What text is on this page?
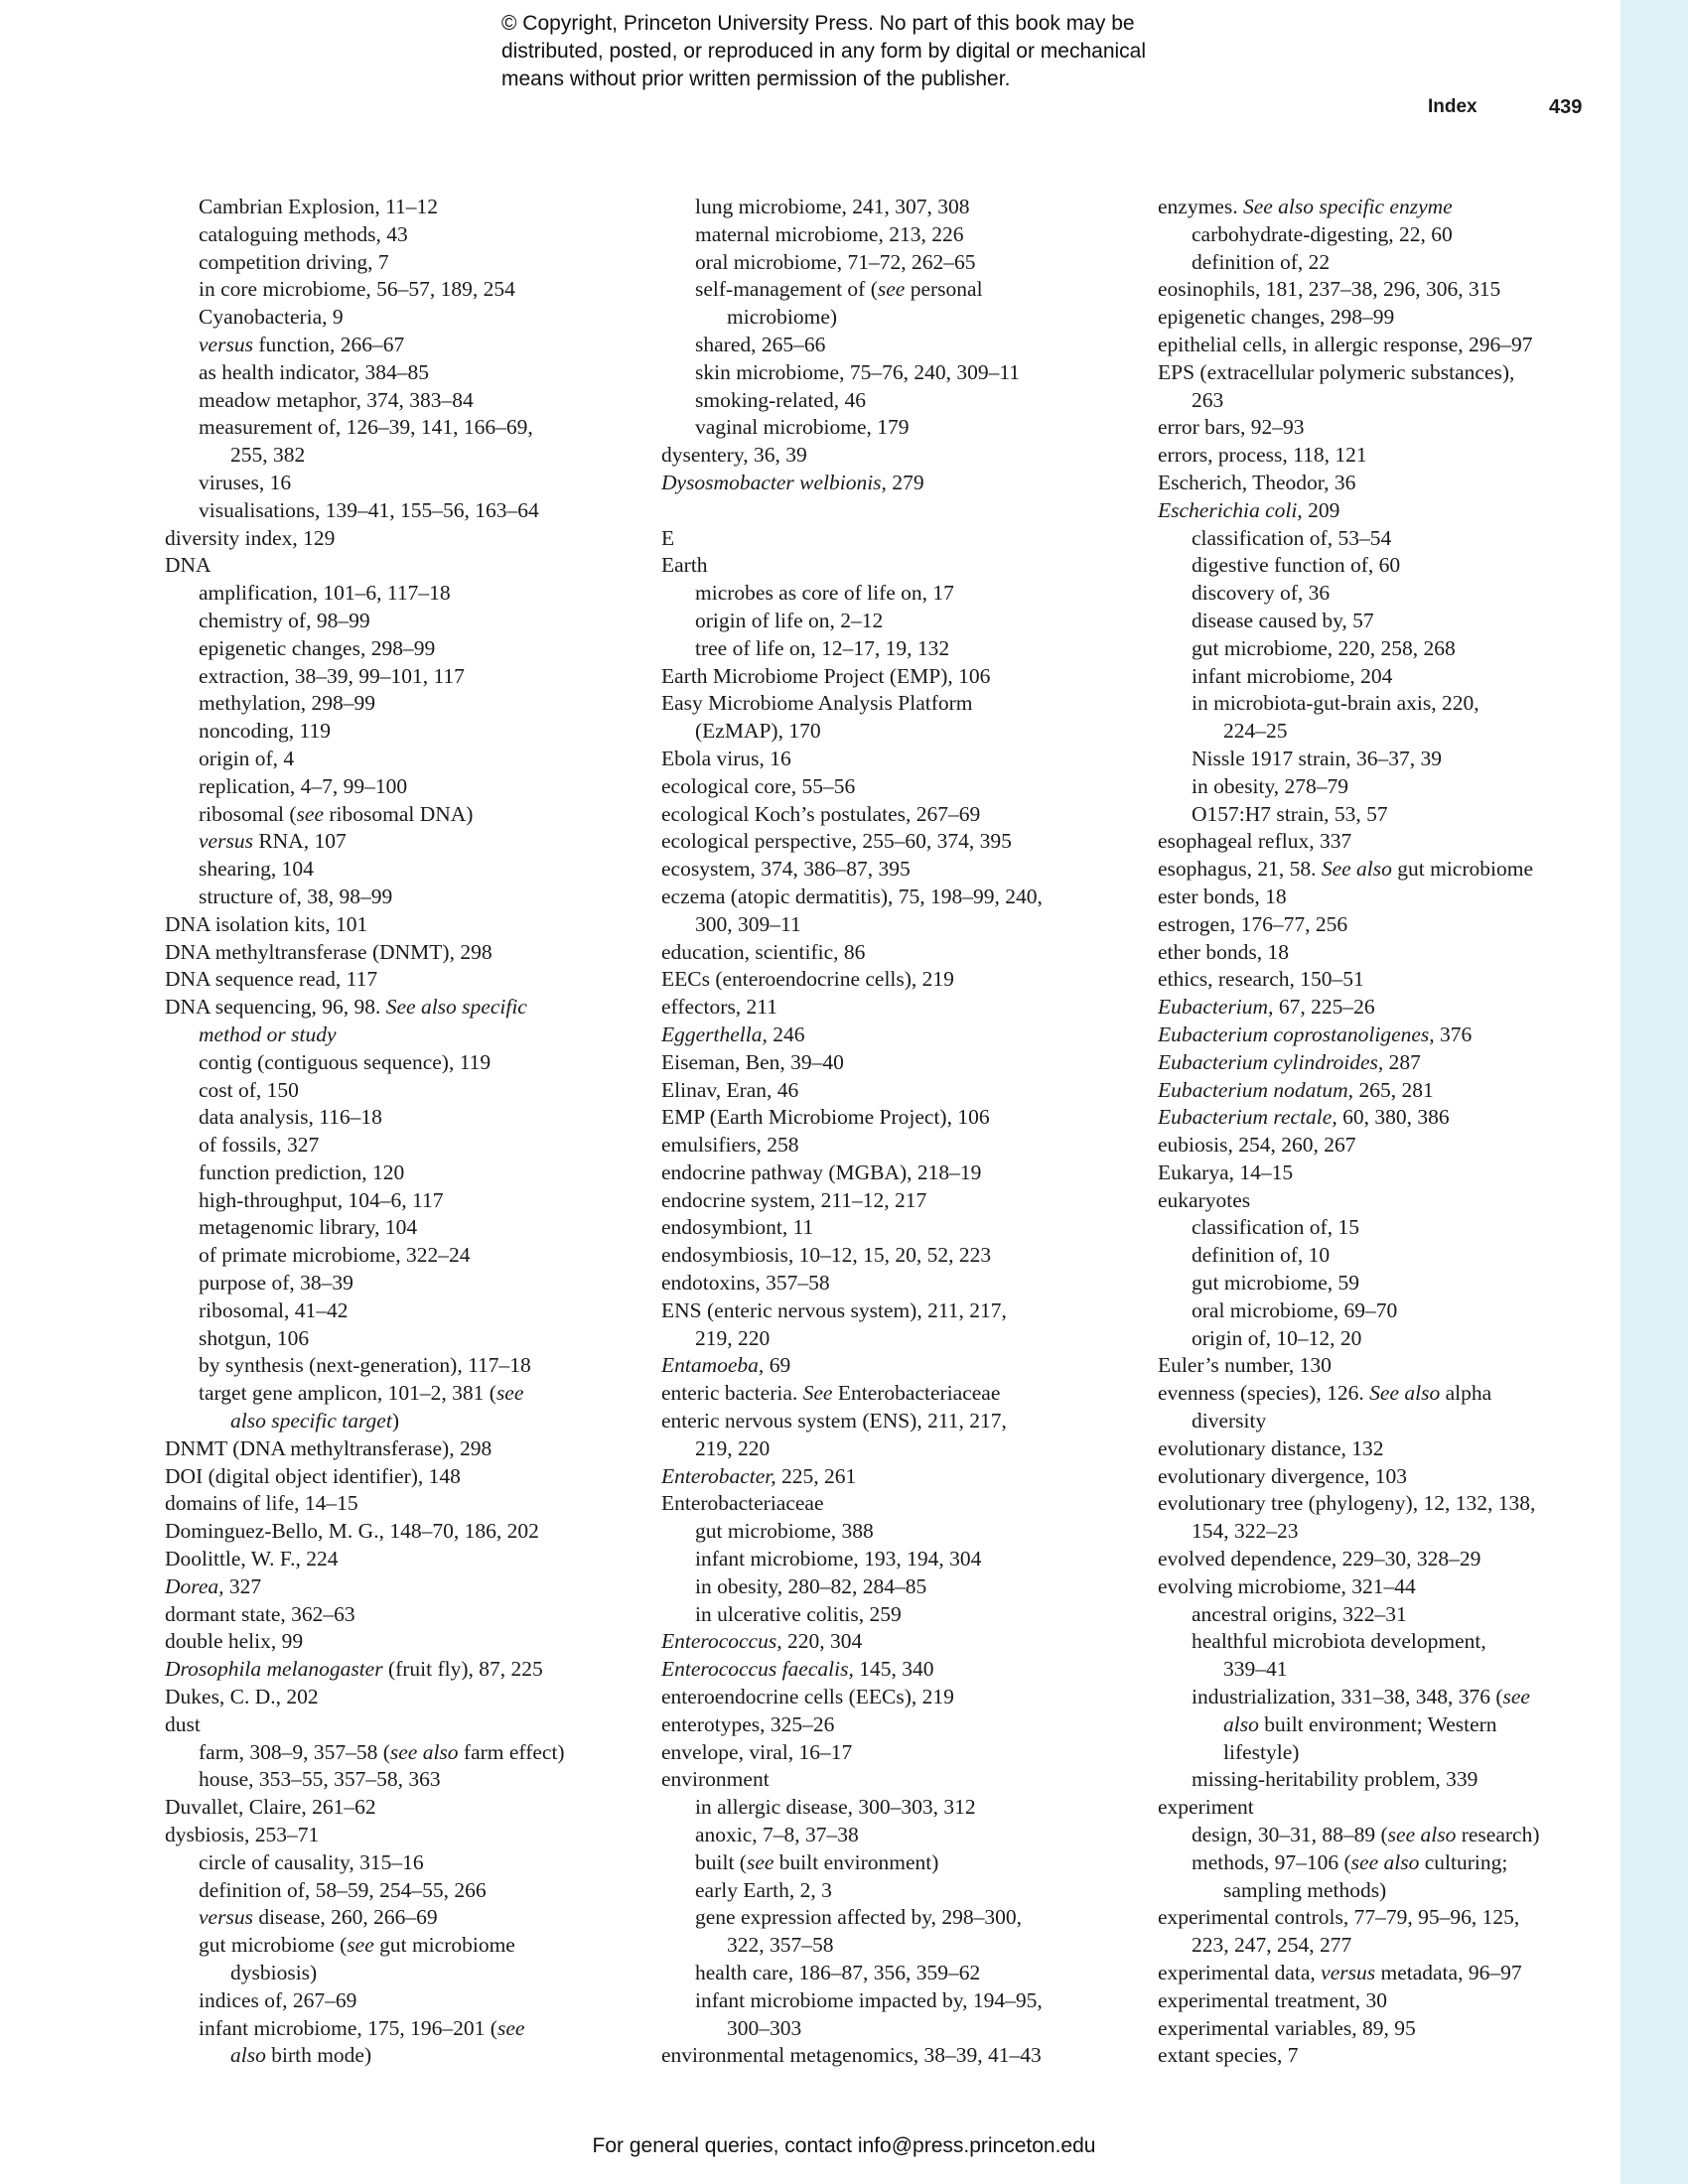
© Copyright, Princeton University Press. No part of this book may be
distributed, posted, or reproduced in any form by digital or mechanical
means without prior written permission of the publisher.
Index	439
Cambrian Explosion, 11–12
cataloguing methods, 43
competition driving, 7
in core microbiome, 56–57, 189, 254
Cyanobacteria, 9
versus function, 266–67
as health indicator, 384–85
meadow metaphor, 374, 383–84
measurement of, 126–39, 141, 166–69,
255, 382
viruses, 16
visualisations, 139–41, 155–56, 163–64
diversity index, 129
DNA
amplification, 101–6, 117–18
chemistry of, 98–99
epigenetic changes, 298–99
extraction, 38–39, 99–101, 117
methylation, 298–99
noncoding, 119
origin of, 4
replication, 4–7, 99–100
ribosomal (see ribosomal DNA)
versus RNA, 107
shearing, 104
structure of, 38, 98–99
DNA isolation kits, 101
DNA methyltransferase (DNMT), 298
DNA sequence read, 117
DNA sequencing, 96, 98. See also specific
method or study
contig (contiguous sequence), 119
cost of, 150
data analysis, 116–18
of fossils, 327
function prediction, 120
high-throughput, 104–6, 117
metagenomic library, 104
of primate microbiome, 322–24
purpose of, 38–39
ribosomal, 41–42
shotgun, 106
by synthesis (next-generation), 117–18
target gene amplicon, 101–2, 381 (see
also specific target)
DNMT (DNA methyltransferase), 298
DOI (digital object identifier), 148
domains of life, 14–15
Dominguez-Bello, M. G., 148–70, 186, 202
Doolittle, W. F., 224
Dorea, 327
dormant state, 362–63
double helix, 99
Drosophila melanogaster (fruit fly), 87, 225
Dukes, C. D., 202
dust
farm, 308–9, 357–58 (see also farm effect)
house, 353–55, 357–58, 363
Duvallet, Claire, 261–62
dysbiosis, 253–71
circle of causality, 315–16
definition of, 58–59, 254–55, 266
versus disease, 260, 266–69
gut microbiome (see gut microbiome
dysbiosis)
indices of, 267–69
infant microbiome, 175, 196–201 (see
also birth mode)
lung microbiome, 241, 307, 308
maternal microbiome, 213, 226
oral microbiome, 71–72, 262–65
self-management of (see personal
microbiome)
shared, 265–66
skin microbiome, 75–76, 240, 309–11
smoking-related, 46
vaginal microbiome, 179
dysentery, 36, 39
Dysosmobacter welbionis, 279
E
Earth
microbes as core of life on, 17
origin of life on, 2–12
tree of life on, 12–17, 19, 132
Earth Microbiome Project (EMP), 106
Easy Microbiome Analysis Platform
(EzMAP), 170
Ebola virus, 16
ecological core, 55–56
ecological Koch’s postulates, 267–69
ecological perspective, 255–60, 374, 395
ecosystem, 374, 386–87, 395
eczema (atopic dermatitis), 75, 198–99, 240,
300, 309–11
education, scientific, 86
EECs (enteroendocrine cells), 219
effectors, 211
Eggerthella, 246
Eiseman, Ben, 39–40
Elinav, Eran, 46
EMP (Earth Microbiome Project), 106
emulsifiers, 258
endocrine pathway (MGBA), 218–19
endocrine system, 211–12, 217
endosymbiont, 11
endosymbiosis, 10–12, 15, 20, 52, 223
endotoxins, 357–58
ENS (enteric nervous system), 211, 217,
219, 220
Entamoeba, 69
enteric bacteria. See Enterobacteriaceae
enteric nervous system (ENS), 211, 217,
219, 220
Enterobacter, 225, 261
Enterobacteriaceae
gut microbiome, 388
infant microbiome, 193, 194, 304
in obesity, 280–82, 284–85
in ulcerative colitis, 259
Enterococcus, 220, 304
Enterococcus faecalis, 145, 340
enteroendocrine cells (EECs), 219
enterotypes, 325–26
envelope, viral, 16–17
environment
in allergic disease, 300–303, 312
anoxic, 7–8, 37–38
built (see built environment)
early Earth, 2, 3
gene expression affected by, 298–300,
322, 357–58
health care, 186–87, 356, 359–62
infant microbiome impacted by, 194–95,
300–303
environmental metagenomics, 38–39, 41–43
enzymes. See also specific enzyme
carbohydrate-digesting, 22, 60
definition of, 22
eosinophils, 181, 237–38, 296, 306, 315
epigenetic changes, 298–99
epithelial cells, in allergic response, 296–97
EPS (extracellular polymeric substances),
263
error bars, 92–93
errors, process, 118, 121
Escherich, Theodor, 36
Escherichia coli, 209
classification of, 53–54
digestive function of, 60
discovery of, 36
disease caused by, 57
gut microbiome, 220, 258, 268
infant microbiome, 204
in microbiota-gut-brain axis, 220,
224–25
Nissle 1917 strain, 36–37, 39
in obesity, 278–79
O157:H7 strain, 53, 57
esophageal reflux, 337
esophagus, 21, 58. See also gut microbiome
ester bonds, 18
estrogen, 176–77, 256
ether bonds, 18
ethics, research, 150–51
Eubacterium, 67, 225–26
Eubacterium coprostanoligenes, 376
Eubacterium cylindroides, 287
Eubacterium nodatum, 265, 281
Eubacterium rectale, 60, 380, 386
eubiosis, 254, 260, 267
Eukarya, 14–15
eukaryotes
classification of, 15
definition of, 10
gut microbiome, 59
oral microbiome, 69–70
origin of, 10–12, 20
Euler’s number, 130
evenness (species), 126. See also alpha
diversity
evolutionary distance, 132
evolutionary divergence, 103
evolutionary tree (phylogeny), 12, 132, 138,
154, 322–23
evolved dependence, 229–30, 328–29
evolving microbiome, 321–44
ancestral origins, 322–31
healthful microbiota development,
339–41
industrialization, 331–38, 348, 376 (see
also built environment; Western
lifestyle)
missing-heritability problem, 339
experiment
design, 30–31, 88–89 (see also research)
methods, 97–106 (see also culturing;
sampling methods)
experimental controls, 77–79, 95–96, 125,
223, 247, 254, 277
experimental data, versus metadata, 96–97
experimental treatment, 30
experimental variables, 89, 95
extant species, 7
For general queries, contact info@press.princeton.edu
